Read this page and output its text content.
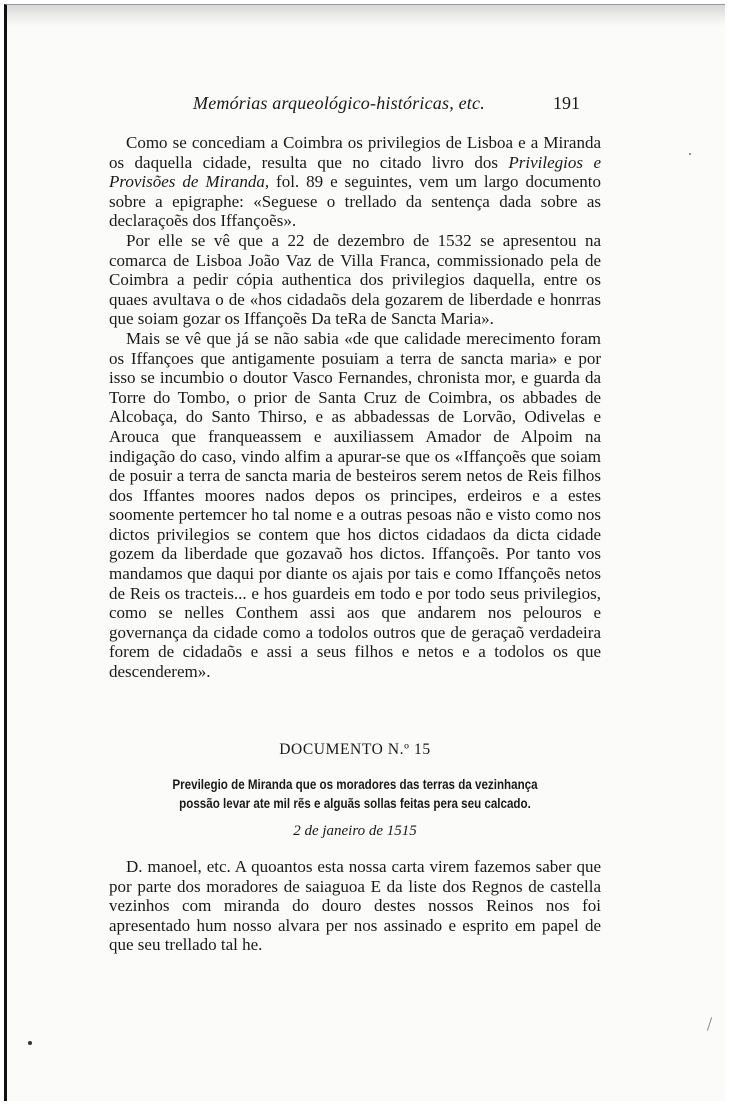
Memórias arqueológico-históricas, etc.	191

Como se concediam a Coimbra os privilegios de Lisboa e a Miranda os daquella cidade, resulta que no citado livro dos Privilegios e Provisões de Miranda, fol. 89 e seguintes, vem um largo documento sobre a epigraphe: «Seguese o trellado da sentença dada sobre as declaraçoẽs dos Iffançoẽs».

Por elle se vê que a 22 de dezembro de 1532 se apresentou na comarca de Lisboa João Vaz de Villa Franca, commissionado pela de Coimbra a pedir cópia authentica dos privilegios daquella, entre os quaes avultava o de «hos cidadaõs dela gozarem de liberdade e honrras que soiam gozar os Iffançoẽs Da teRa de Sancta Maria».

Mais se vê que já se não sabia «de que calidade merecimento foram os Iffançoes que antigamente posuiam a terra de sancta maria» e por isso se incumbio o doutor Vasco Fernandes, chronista mor, e guarda da Torre do Tombo, o prior de Santa Cruz de Coimbra, os abbades de Alcobaça, do Santo Thirso, e as abbadessas de Lorvão, Odivelas e Arouca que franqueassem e auxiliassem Amador de Alpoim na indigação do caso, vindo alfim a apurar-se que os «Iffançoẽs que soiam de posuir a terra de sancta maria de besteiros serem netos de Reis filhos dos Iffantes moores nados depos os principes, erdeiros e a estes soomente pertemcer ho tal nome e a outras pesoas não e visto como nos dictos privilegios se contem que hos dictos cidadaos da dicta cidade gozem da liberdade que gozavaõ hos dictos. Iffançoẽs. Por tanto vos mandamos que daqui por diante os ajais por tais e como Iffançoẽs netos de Reis os tracteis... e hos guardeis em todo e por todo seus privilegios, como se nelles Conthem assi aos que andarem nos pelouros e governança da cidade como a todolos outros que de geraçaõ verdadeira forem de cidadaõs e assi a seus filhos e netos e a todolos os que descenderem».

DOCUMENTO N.º 15
Previlegio de Miranda que os moradores das terras da vezinhança
possão levar ate mil rẽs e alguãs sollas feitas pera seu calcado.
2 de janeiro de 1515

D. manoel, etc. A quoantos esta nossa carta virem fazemos saber que por parte dos moradores de saiaguoa E da liste dos Regnos de castella vezinhos com miranda do douro destes nossos Reinos nos foi apresentado hum nosso alvara per nos assinado e esprito em papel de que seu trellado tal he.
